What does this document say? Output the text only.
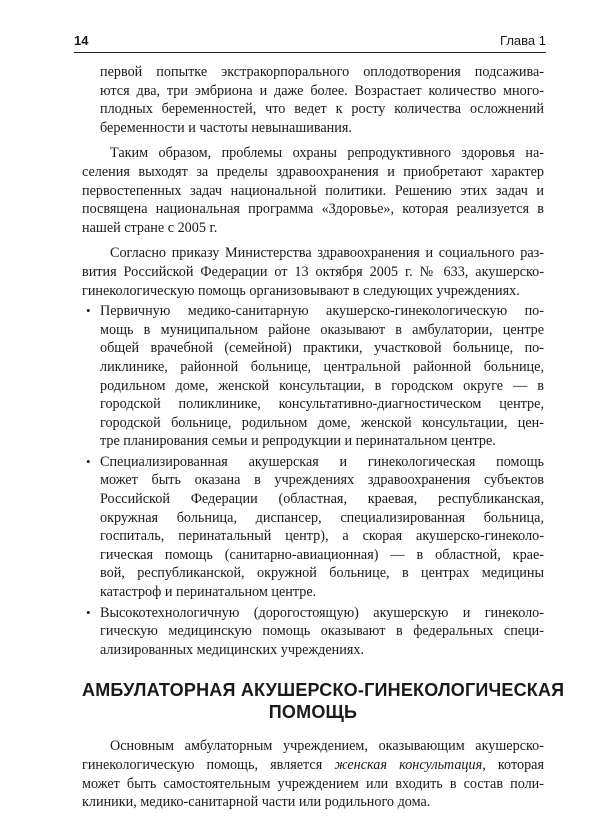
14	Глава 1

первой попытке экстракорпорального оплодотворения подсажива-
ются два, три эмбриона и даже более. Возрастает количество много-
плодных беременностей, что ведет к росту количества осложнений
беременности и частоты невынашивания.

Таким образом, проблемы охраны репродуктивного здоровья на-
селения выходят за пределы здравоохранения и приобретают характер
первостепенных задач национальной политики. Решению этих задач и
посвящена национальная программа «Здоровье», которая реализуется в
нашей стране с 2005 г.

Согласно приказу Министерства здравоохранения и социального раз-
вития Российской Федерации от 13 октября 2005 г. № 633, акушерско-
гинекологическую помощь организовывают в следующих учреждениях.

• Первичную медико-санитарную акушерско-гинекологическую по-
мощь в муниципальном районе оказывают в амбулатории, центре
общей врачебной (семейной) практики, участковой больнице, по-
ликлинике, районной больнице, центральной районной больнице,
родильном доме, женской консультации, в городском округе — в
городской поликлинике, консультативно-диагностическом центре,
городской больнице, родильном доме, женской консультации, цен-
тре планирования семьи и репродукции и перинатальном центре.
• Специализированная акушерская и гинекологическая помощь
может быть оказана в учреждениях здравоохранения субъектов
Российской Федерации (областная, краевая, республиканская,
окружная больница, диспансер, специализированная больница,
госпиталь, перинатальный центр), а скорая акушерско-гинеколо-
гическая помощь (санитарно-авиационная) — в областной, крае-
вой, республиканской, окружной больнице, в центрах медицины
катастроф и перинатальном центре.
• Высокотехнологичную (дорогостоящую) акушерскую и гинеколо-
гическую медицинскую помощь оказывают в федеральных специ-
ализированных медицинских учреждениях.
АМБУЛАТОРНАЯ АКУШЕРСКО-ГИНЕКОЛОГИЧЕСКАЯ
ПОМОЩЬ

Основным амбулаторным учреждением, оказывающим акушерско-
гинекологическую помощь, является женская консультация, которая
может быть самостоятельным учреждением или входить в состав поли-
клиники, медико-санитарной части или родильного дома.
